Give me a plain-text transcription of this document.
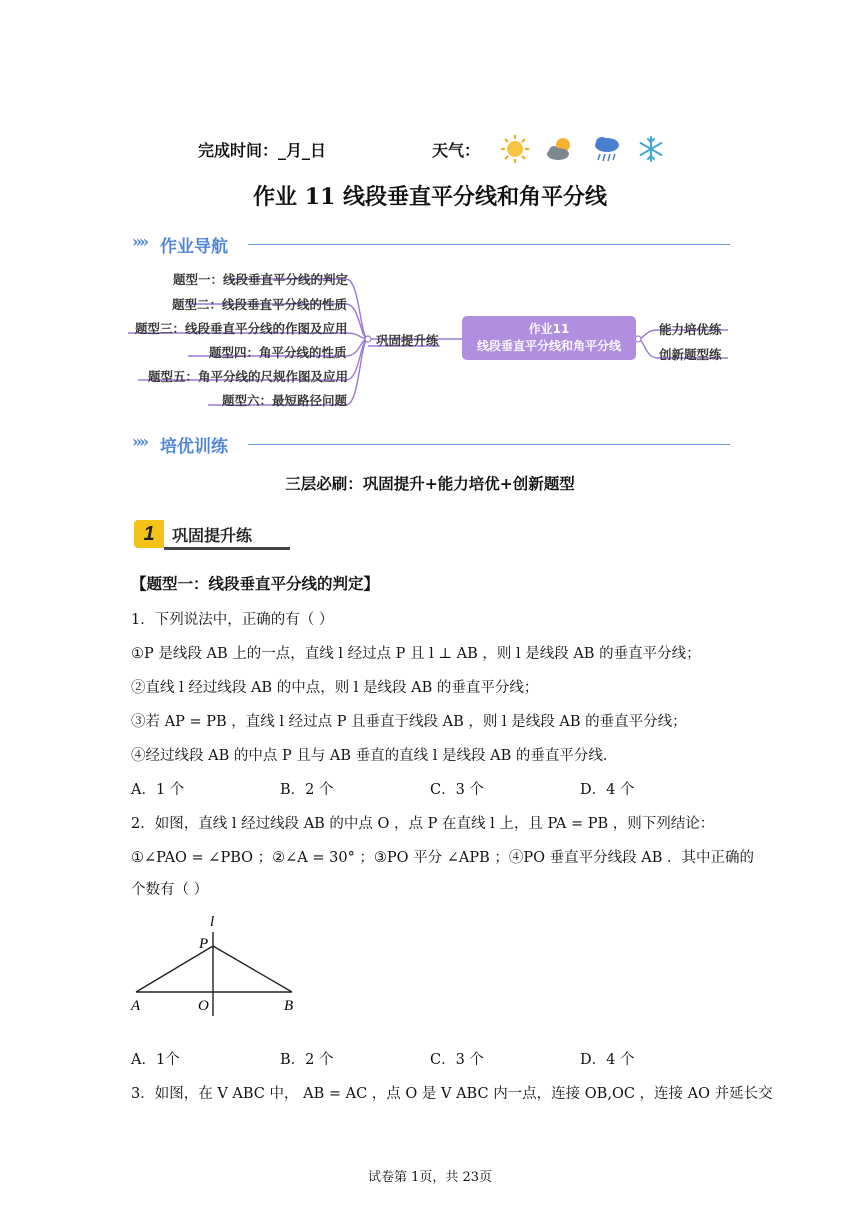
完成时间：_月_日	天气：
作业 11 线段垂直平分线和角平分线
»» 作业导航
题型一：线段垂直平分线的判定
题型二：线段垂直平分线的性质
题型三：线段垂直平分线的作图及应用
题型四：角平分线的性质
题型五：角平分线的尺规作图及应用
题型六：最短路径问题
巩固提升练
作业11
线段垂直平分线和角平分线
能力培优练
创新题型练
»» 培优训练
三层必刷：巩固提升+能力培优+创新题型
1	巩固提升练
【题型一：线段垂直平分线的判定】
1．下列说法中，正确的有（ ）
①P 是线段 AB 上的一点，直线 l 经过点 P 且 l ⊥ AB ，则 l 是线段 AB 的垂直平分线；
②直线 l 经过线段 AB 的中点，则 l 是线段 AB 的垂直平分线；
③若 AP = PB ，直线 l 经过点 P 且垂直于线段 AB ，则 l 是线段 AB 的垂直平分线；
④经过线段 AB 的中点 P 且与 AB 垂直的直线 l 是线段 AB 的垂直平分线．
A．1 个	B．2 个	C．3 个	D．4 个
2．如图，直线 l 经过线段 AB 的中点 O ，点 P 在直线 l 上，且 PA = PB ，则下列结论：
①∠PAO = ∠PBO ；②∠A = 30° ；③PO 平分 ∠APB ；④PO 垂直平分线段 AB ．其中正确的
个数有（ ）
l
P
A	O	B
A．1个	B．2 个	C．3 个	D．4 个
3．如图，在 V ABC 中， AB = AC ，点 O 是 V ABC 内一点，连接 OB,OC ，连接 AO 并延长交
试卷第 1页，共 23页
